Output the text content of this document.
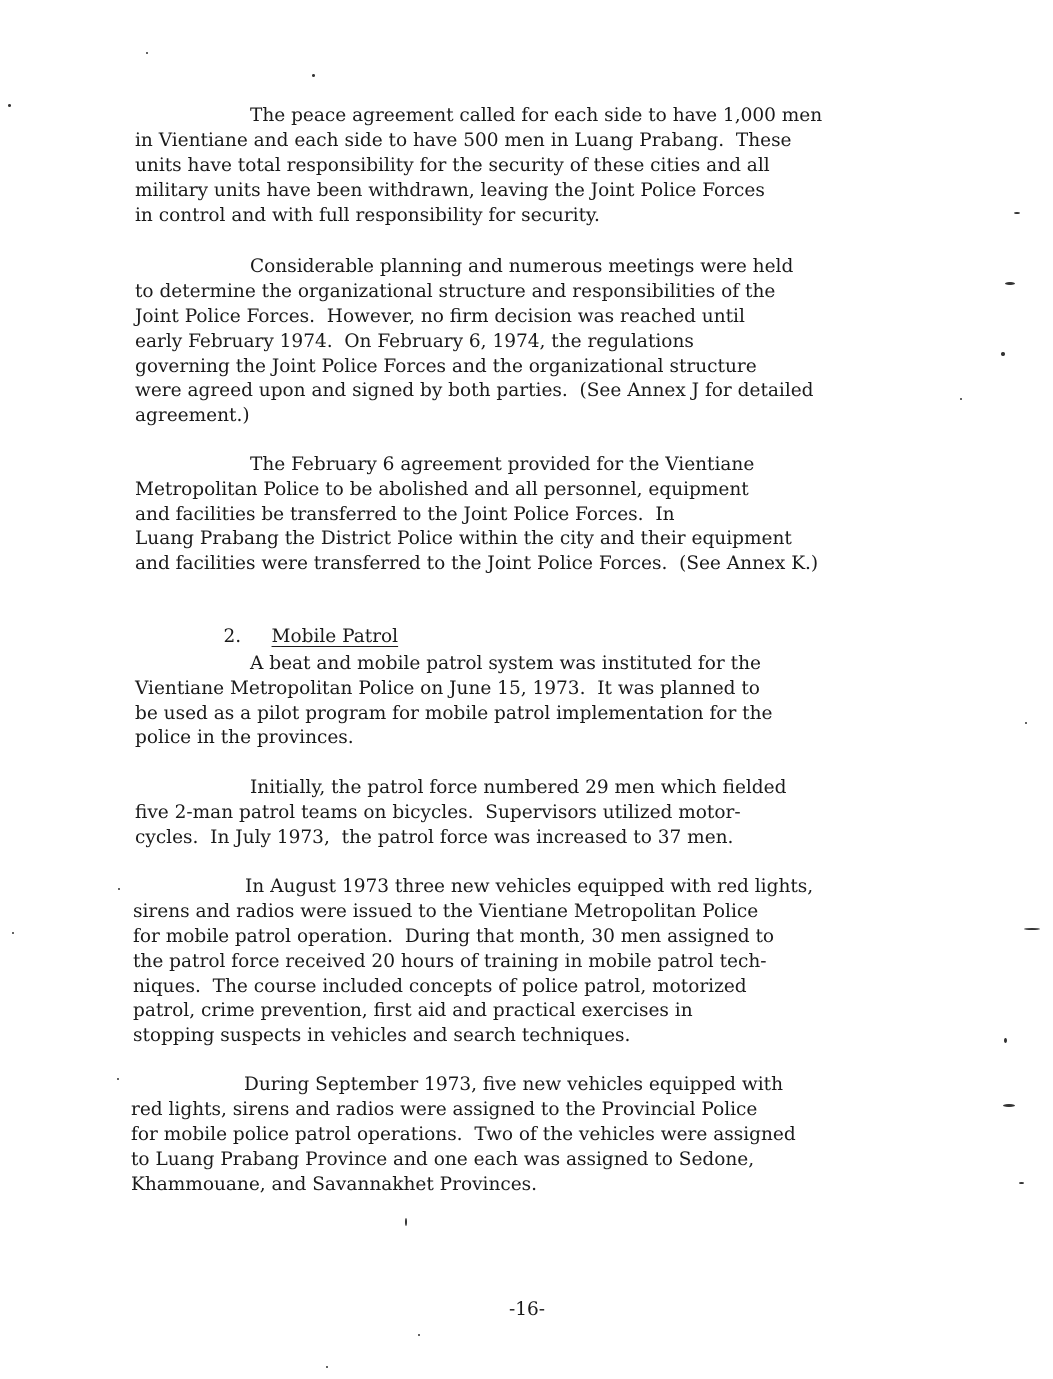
The peace agreement called for each side to have 1,000 men
in Vientiane and each side to have 500 men in Luang Prabang.  These
units have total responsibility for the security of these cities and all
military units have been withdrawn, leaving the Joint Police Forces
in control and with full responsibility for security.
Considerable planning and numerous meetings were held
to determine the organizational structure and responsibilities of the
Joint Police Forces.  However, no firm decision was reached until
early February 1974.  On February 6, 1974, the regulations
governing the Joint Police Forces and the organizational structure
were agreed upon and signed by both parties.  (See Annex J for detailed
agreement.)
The February 6 agreement provided for the Vientiane
Metropolitan Police to be abolished and all personnel, equipment
and facilities be transferred to the Joint Police Forces.  In
Luang Prabang the District Police within the city and their equipment
and facilities were transferred to the Joint Police Forces.  (See Annex K.)

2. Mobile Patrol

A beat and mobile patrol system was instituted for the
Vientiane Metropolitan Police on June 15, 1973.  It was planned to
be used as a pilot program for mobile patrol implementation for the
police in the provinces.
Initially, the patrol force numbered 29 men which fielded
five 2-man patrol teams on bicycles.  Supervisors utilized motor-
cycles.  In July 1973,  the patrol force was increased to 37 men.
In August 1973 three new vehicles equipped with red lights,
sirens and radios were issued to the Vientiane Metropolitan Police
for mobile patrol operation.  During that month, 30 men assigned to
the patrol force received 20 hours of training in mobile patrol tech-
niques.  The course included concepts of police patrol, motorized
patrol, crime prevention, first aid and practical exercises in
stopping suspects in vehicles and search techniques.
During September 1973, five new vehicles equipped with
red lights, sirens and radios were assigned to the Provincial Police
for mobile police patrol operations.  Two of the vehicles were assigned
to Luang Prabang Province and one each was assigned to Sedone,
Khammouane, and Savannakhet Provinces.
-16-
